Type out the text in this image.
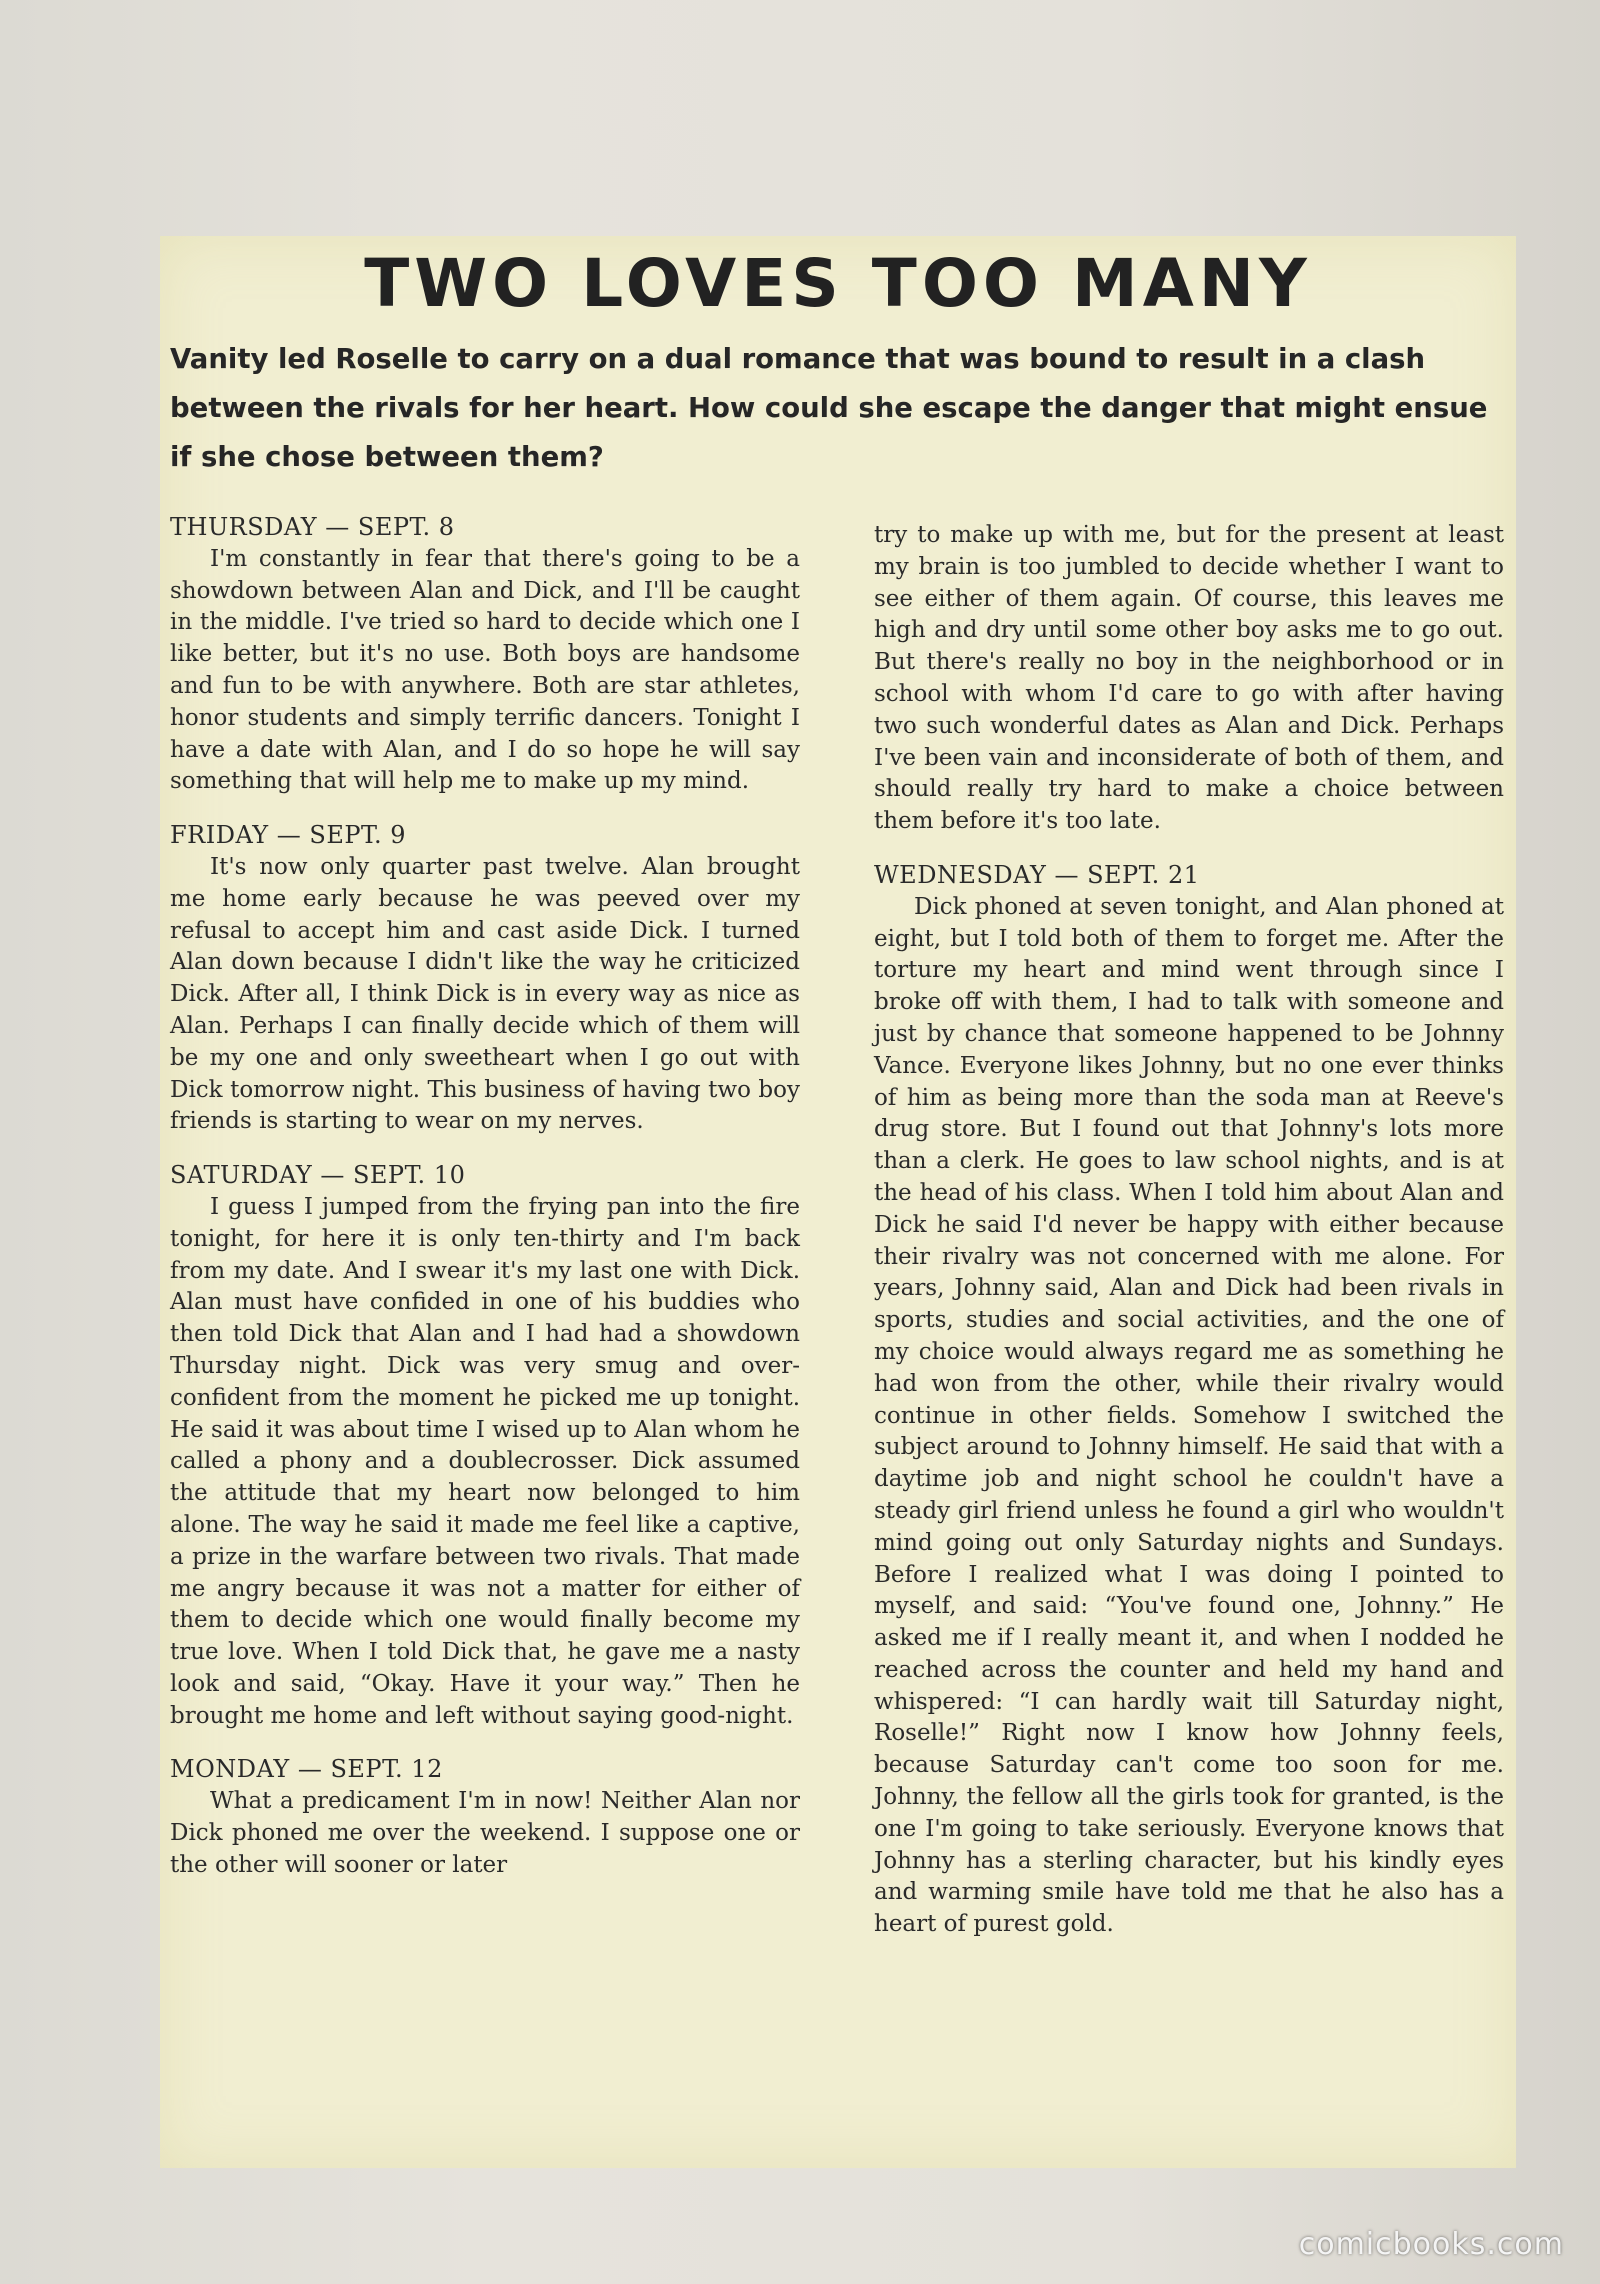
TWO LOVES TOO MANY

Vanity led Roselle to carry on a dual romance that was bound to result in a clash between the rivals for her heart. How could she escape the danger that might ensue if she chose between them?

THURSDAY — SEPT. 8

I'm constantly in fear that there's going to be a showdown between Alan and Dick, and I'll be caught in the middle. I've tried so hard to decide which one I like better, but it's no use. Both boys are handsome and fun to be with anywhere. Both are star athletes, honor students and simply terrific dancers. Tonight I have a date with Alan, and I do so hope he will say something that will help me to make up my mind.

FRIDAY — SEPT. 9

It's now only quarter past twelve. Alan brought me home early because he was peeved over my refusal to accept him and cast aside Dick. I turned Alan down because I didn't like the way he criticized Dick. After all, I think Dick is in every way as nice as Alan. Perhaps I can finally decide which of them will be my one and only sweetheart when I go out with Dick tomorrow night. This business of having two boy friends is starting to wear on my nerves.

SATURDAY — SEPT. 10

I guess I jumped from the frying pan into the fire tonight, for here it is only ten-thirty and I'm back from my date. And I swear it's my last one with Dick. Alan must have confided in one of his buddies who then told Dick that Alan and I had had a showdown Thursday night. Dick was very smug and over-confident from the moment he picked me up tonight. He said it was about time I wised up to Alan whom he called a phony and a doublecrosser. Dick assumed the attitude that my heart now belonged to him alone. The way he said it made me feel like a captive, a prize in the warfare between two rivals. That made me angry because it was not a matter for either of them to decide which one would finally become my true love. When I told Dick that, he gave me a nasty look and said, “Okay. Have it your way.” Then he brought me home and left without saying good-night.

MONDAY — SEPT. 12

What a predicament I'm in now! Neither Alan nor Dick phoned me over the weekend. I suppose one or the other will sooner or later

try to make up with me, but for the present at least my brain is too jumbled to decide whether I want to see either of them again. Of course, this leaves me high and dry until some other boy asks me to go out. But there's really no boy in the neighborhood or in school with whom I'd care to go with after having two such wonderful dates as Alan and Dick. Perhaps I've been vain and inconsiderate of both of them, and should really try hard to make a choice between them before it's too late.

WEDNESDAY — SEPT. 21

Dick phoned at seven tonight, and Alan phoned at eight, but I told both of them to forget me. After the torture my heart and mind went through since I broke off with them, I had to talk with someone and just by chance that someone happened to be Johnny Vance. Everyone likes Johnny, but no one ever thinks of him as being more than the soda man at Reeve's drug store. But I found out that Johnny's lots more than a clerk. He goes to law school nights, and is at the head of his class. When I told him about Alan and Dick he said I'd never be happy with either because their rivalry was not concerned with me alone. For years, Johnny said, Alan and Dick had been rivals in sports, studies and social activities, and the one of my choice would always regard me as something he had won from the other, while their rivalry would continue in other fields. Somehow I switched the subject around to Johnny himself. He said that with a daytime job and night school he couldn't have a steady girl friend unless he found a girl who wouldn't mind going out only Saturday nights and Sundays. Before I realized what I was doing I pointed to myself, and said: “You've found one, Johnny.” He asked me if I really meant it, and when I nodded he reached across the counter and held my hand and whispered: “I can hardly wait till Saturday night, Roselle!” Right now I know how Johnny feels, because Saturday can't come too soon for me. Johnny, the fellow all the girls took for granted, is the one I'm going to take seriously. Everyone knows that Johnny has a sterling character, but his kindly eyes and warming smile have told me that he also has a heart of purest gold.

comicbooks.com
